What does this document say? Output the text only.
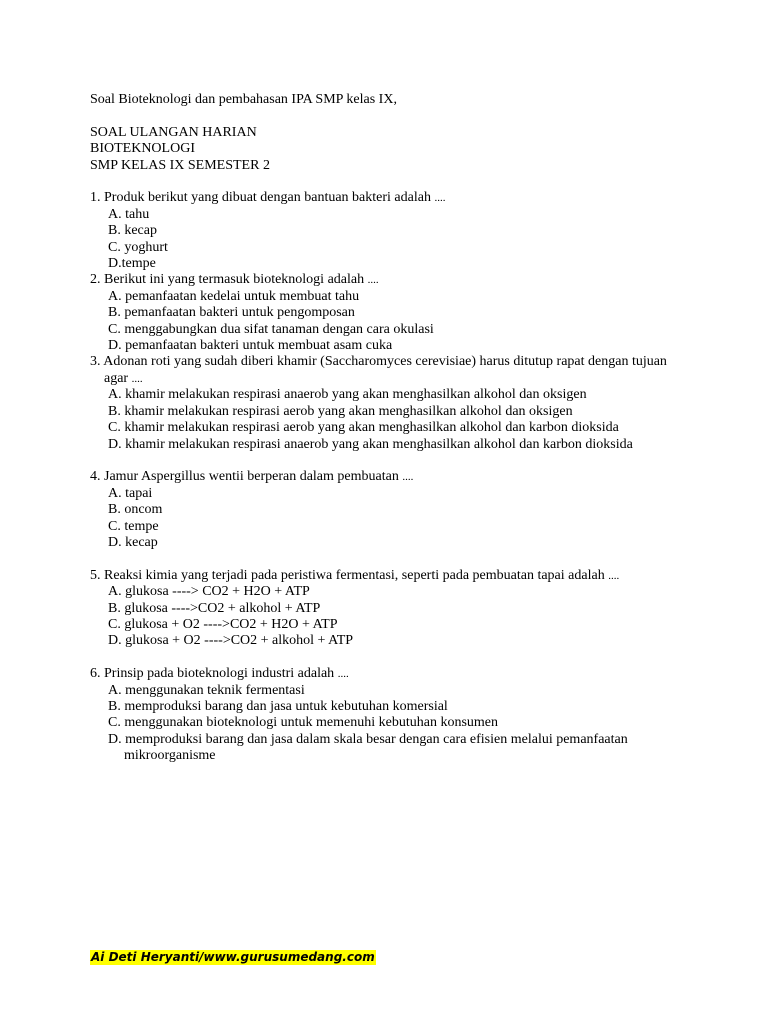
Soal Bioteknologi dan pembahasan IPA SMP kelas IX,
SOAL ULANGAN HARIAN
BIOTEKNOLOGI
SMP KELAS IX SEMESTER 2
1. Produk berikut yang dibuat dengan bantuan bakteri adalah ....
A. tahu
B. kecap
C. yoghurt
D.tempe
2. Berikut ini yang termasuk bioteknologi adalah ....
A. pemanfaatan kedelai untuk membuat tahu
B. pemanfaatan bakteri untuk pengomposan
C. menggabungkan dua sifat tanaman dengan cara okulasi
D. pemanfaatan bakteri untuk membuat asam cuka
3. Adonan roti yang sudah diberi khamir (Saccharomyces cerevisiae) harus ditutup rapat dengan tujuan
agar ....
A. khamir melakukan respirasi anaerob yang akan menghasilkan alkohol dan oksigen
B. khamir melakukan respirasi aerob yang akan menghasilkan alkohol dan oksigen
C. khamir melakukan respirasi aerob yang akan menghasilkan alkohol dan karbon dioksida
D. khamir melakukan respirasi anaerob yang akan menghasilkan alkohol dan karbon dioksida
4. Jamur Aspergillus wentii berperan dalam pembuatan ....
A. tapai
B. oncom
C. tempe
D. kecap
5. Reaksi kimia yang terjadi pada peristiwa fermentasi, seperti pada pembuatan tapai adalah ....
A. glukosa ----> CO2 + H2O + ATP
B. glukosa ---->CO2 + alkohol + ATP
C. glukosa + O2 ---->CO2 + H2O + ATP
D. glukosa + O2 ---->CO2 + alkohol + ATP
6. Prinsip pada bioteknologi industri adalah ....
A. menggunakan teknik fermentasi
B. memproduksi barang dan jasa untuk kebutuhan komersial
C. menggunakan bioteknologi untuk memenuhi kebutuhan konsumen
D. memproduksi barang dan jasa dalam skala besar dengan cara efisien melalui pemanfaatan
mikroorganisme
Ai Deti Heryanti/www.gurusumedang.com
